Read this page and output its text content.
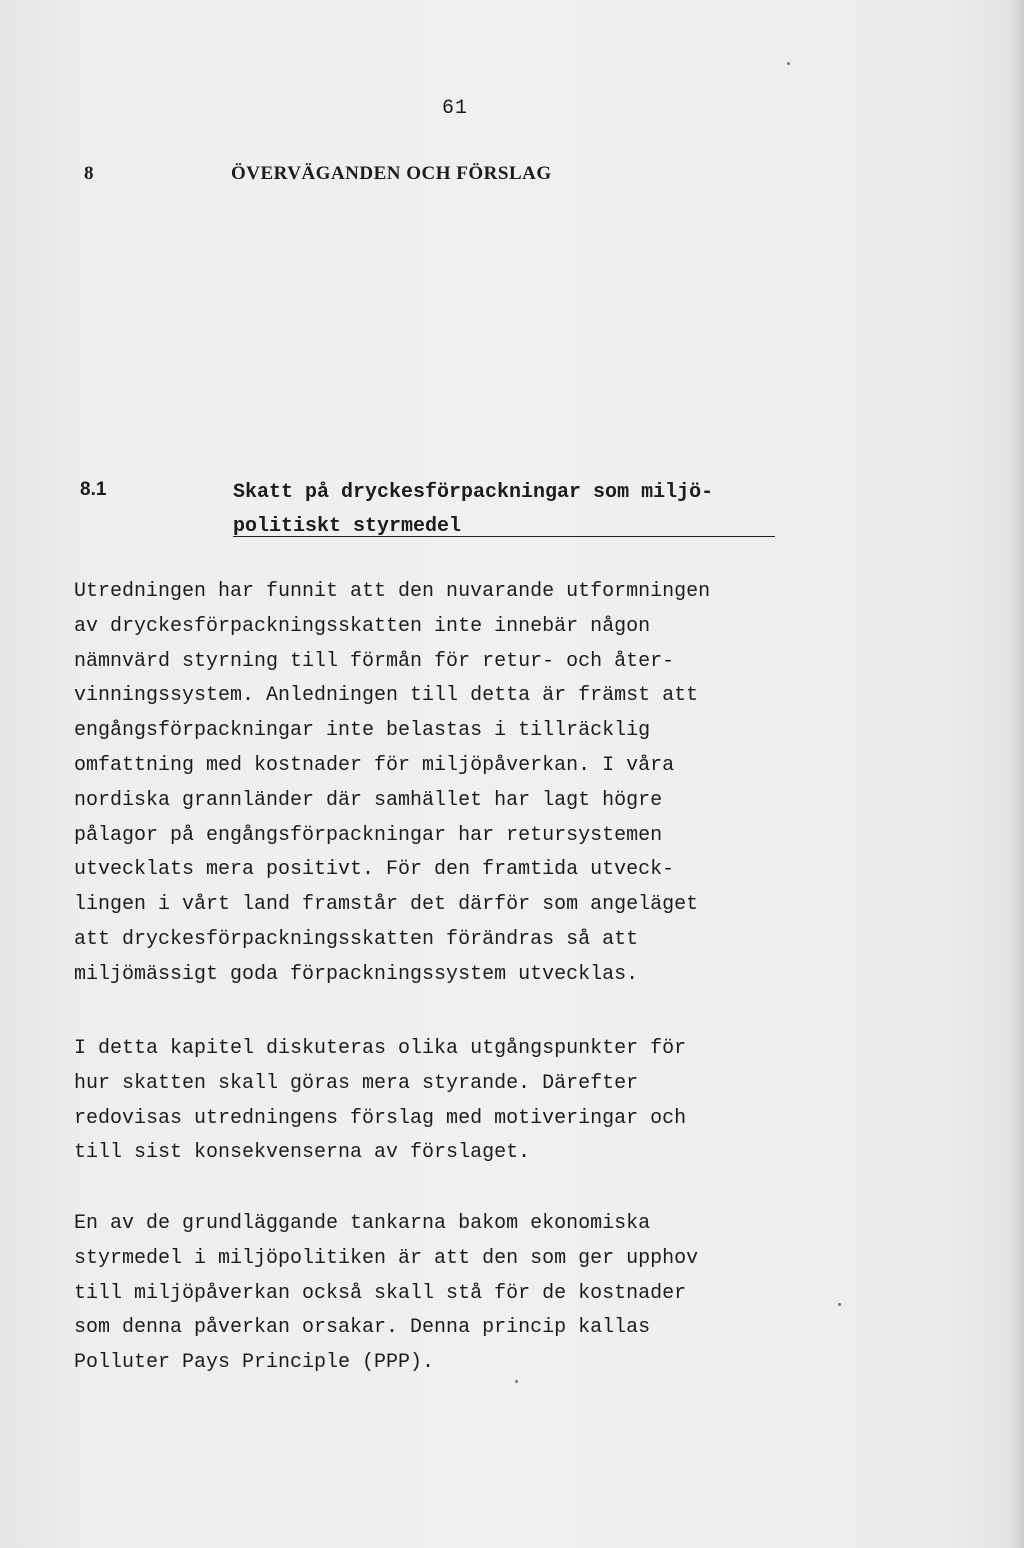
61
8	ÖVERVÄGANDEN OCH FÖRSLAG
8.1	Skatt på dryckesförpackningar som miljö-
politiskt styrmedel
Utredningen har funnit att den nuvarande utformningen
av dryckesförpackningsskatten inte innebär någon
nämnvärd styrning till förmån för retur- och åter-
vinningssystem. Anledningen till detta är främst att
engångsförpackningar inte belastas i tillräcklig
omfattning med kostnader för miljöpåverkan. I våra
nordiska grannländer där samhället har lagt högre
pålagor på engångsförpackningar har retursystemen
utvecklats mera positivt. För den framtida utveck-
lingen i vårt land framstår det därför som angeläget
att dryckesförpackningsskatten förändras så att
miljömässigt goda förpackningssystem utvecklas.
I detta kapitel diskuteras olika utgångspunkter för
hur skatten skall göras mera styrande. Därefter
redovisas utredningens förslag med motiveringar och
till sist konsekvenserna av förslaget.
En av de grundläggande tankarna bakom ekonomiska
styrmedel i miljöpolitiken är att den som ger upphov
till miljöpåverkan också skall stå för de kostnader
som denna påverkan orsakar. Denna princip kallas
Polluter Pays Principle (PPP).
